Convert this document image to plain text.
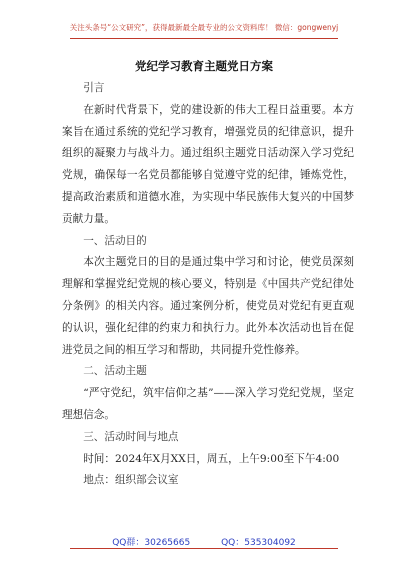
关注头条号“公文研究”，获得最新最全最专业的公文资料库！ 微信：gongwenyj
党纪学习教育主题党日方案

引言

在新时代背景下，党的建设新的伟大工程日益重要。本方案旨在通过系统的党纪学习教育，增强党员的纪律意识，提升组织的凝聚力与战斗力。通过组织主题党日活动深入学习党纪党规，确保每一名党员都能够自觉遵守党的纪律，锤炼党性，提高政治素质和道德水准，为实现中华民族伟大复兴的中国梦贡献力量。

一、活动目的

本次主题党日的目的是通过集中学习和讨论，使党员深刻理解和掌握党纪党规的核心要义，特别是《中国共产党纪律处分条例》的相关内容。通过案例分析，使党员对党纪有更直观的认识，强化纪律的约束力和执行力。此外本次活动也旨在促进党员之间的相互学习和帮助，共同提升党性修养。

二、活动主题

“严守党纪，筑牢信仰之基”——深入学习党纪党规，坚定理想信念。

三、活动时间与地点

时间：2024年X月XX日，周五，上午9:00至下午4:00

地点：组织部会议室

QQ群：30265665	QQ：535304092
